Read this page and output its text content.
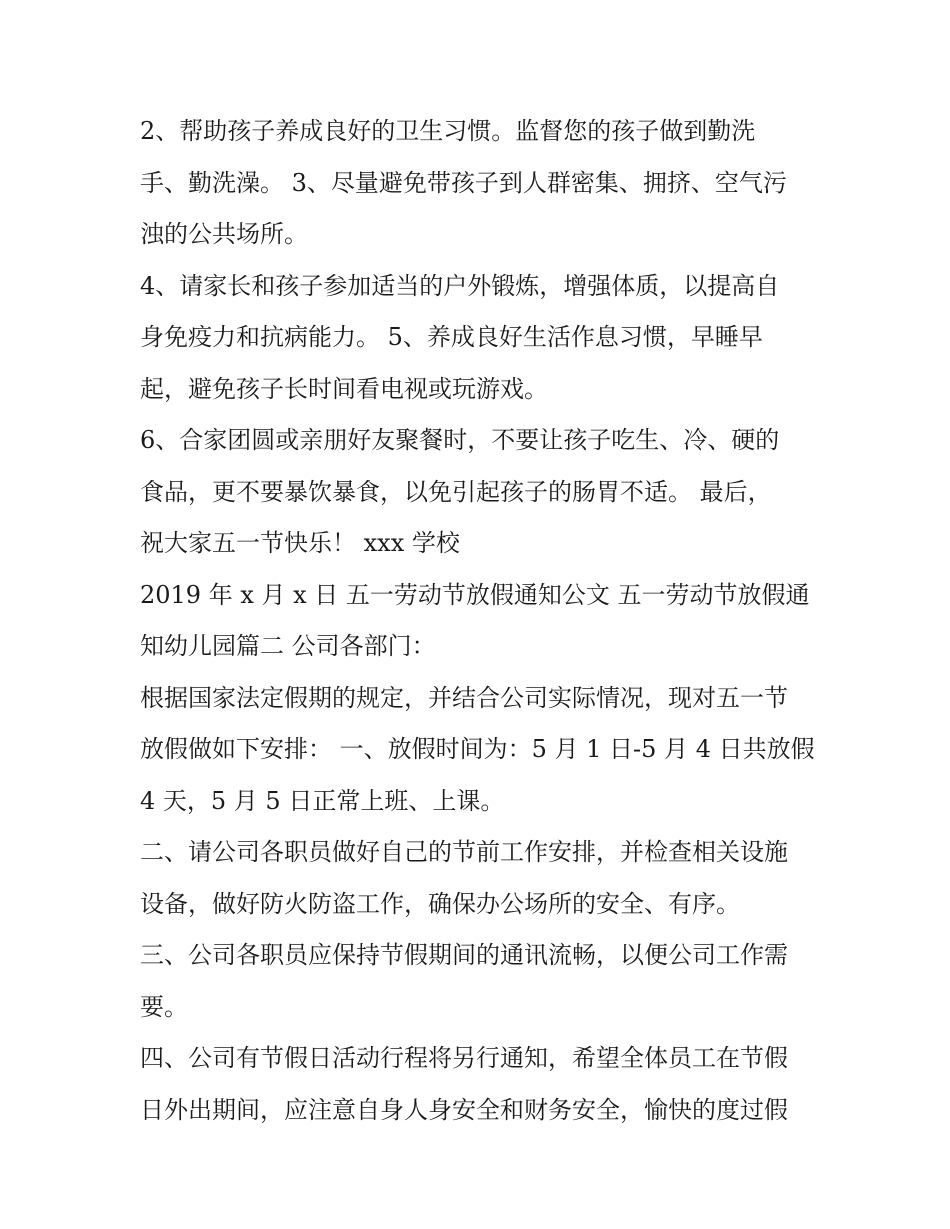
2、帮助孩子养成良好的卫生习惯。监督您的孩子做到勤洗
手、勤洗澡。 3、尽量避免带孩子到人群密集、拥挤、空气污
浊的公共场所。
4、请家长和孩子参加适当的户外锻炼，增强体质，以提高自
身免疫力和抗病能力。 5、养成良好生活作息习惯，早睡早
起，避免孩子长时间看电视或玩游戏。
6、合家团圆或亲朋好友聚餐时，不要让孩子吃生、冷、硬的
食品，更不要暴饮暴食，以免引起孩子的肠胃不适。 最后，
祝大家五一节快乐！ xxx 学校
2019 年 x 月 x 日 五一劳动节放假通知公文 五一劳动节放假通
知幼儿园篇二 公司各部门：
根据国家法定假期的规定，并结合公司实际情况，现对五一节
放假做如下安排： 一、放假时间为：5 月 1 日-5 月 4 日共放假
4 天，5 月 5 日正常上班、上课。
二、请公司各职员做好自己的节前工作安排，并检查相关设施
设备，做好防火防盗工作，确保办公场所的安全、有序。
三、公司各职员应保持节假期间的通讯流畅，以便公司工作需
要。
四、公司有节假日活动行程将另行通知，希望全体员工在节假
日外出期间，应注意自身人身安全和财务安全，愉快的度过假
